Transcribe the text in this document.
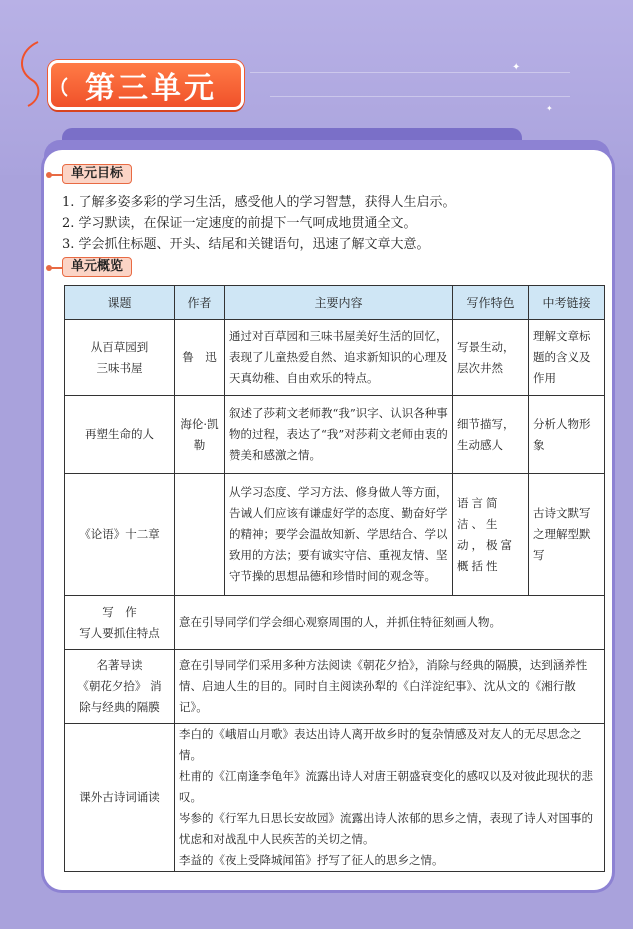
✦
✦
第三单元
单元目标
1. 了解多姿多彩的学习生活，感受他人的学习智慧，获得人生启示。
2. 学习默读，在保证一定速度的前提下一气呵成地贯通全文。
3. 学会抓住标题、开头、结尾和关键语句，迅速了解文章大意。
单元概览
课题	作者	主要内容	写作特色	中考链接

从百草园到
三味书屋	鲁　迅	通过对百草园和三味书屋美好生活的回忆，表现了儿童热爱自然、追求新知识的心理及天真幼稚、自由欢乐的特点。	写景生动，层次井然	理解文章标题的含义及作用

再塑生命的人	海伦·凯勒	叙述了莎莉文老师教“我”识字、认识各种事物的过程，表达了“我”对莎莉文老师由衷的赞美和感激之情。	细节描写，生动感人	分析人物形象

《论语》十二章		从学习态度、学习方法、修身做人等方面，告诫人们应该有谦虚好学的态度、勤奋好学的精神；要学会温故知新、学思结合、学以致用的方法；要有诚实守信、重视友情、坚守节操的思想品德和珍惜时间的观念等。	语言简洁、生动，极富概括性	古诗文默写之理解型默写

写　作
写人要抓住特点	意在引导同学们学会细心观察周围的人，并抓住特征刻画人物。			

名著导读
《朝花夕拾》 消
除与经典的隔膜	意在引导同学们采用多种方法阅读《朝花夕拾》，消除与经典的隔膜，达到涵养性情、启迪人生的目的。同时自主阅读孙犁的《白洋淀纪事》、沈从文的《湘行散记》。			

课外古诗词诵读	李白的《峨眉山月歌》表达出诗人离开故乡时的复杂情感及对友人的无尽思念之情。
杜甫的《江南逢李龟年》流露出诗人对唐王朝盛衰变化的感叹以及对彼此现状的悲叹。
岑参的《行军九日思长安故园》流露出诗人浓郁的思乡之情，表现了诗人对国事的忧虑和对战乱中人民疾苦的关切之情。
李益的《夜上受降城闻笛》抒写了征人的思乡之情。			
